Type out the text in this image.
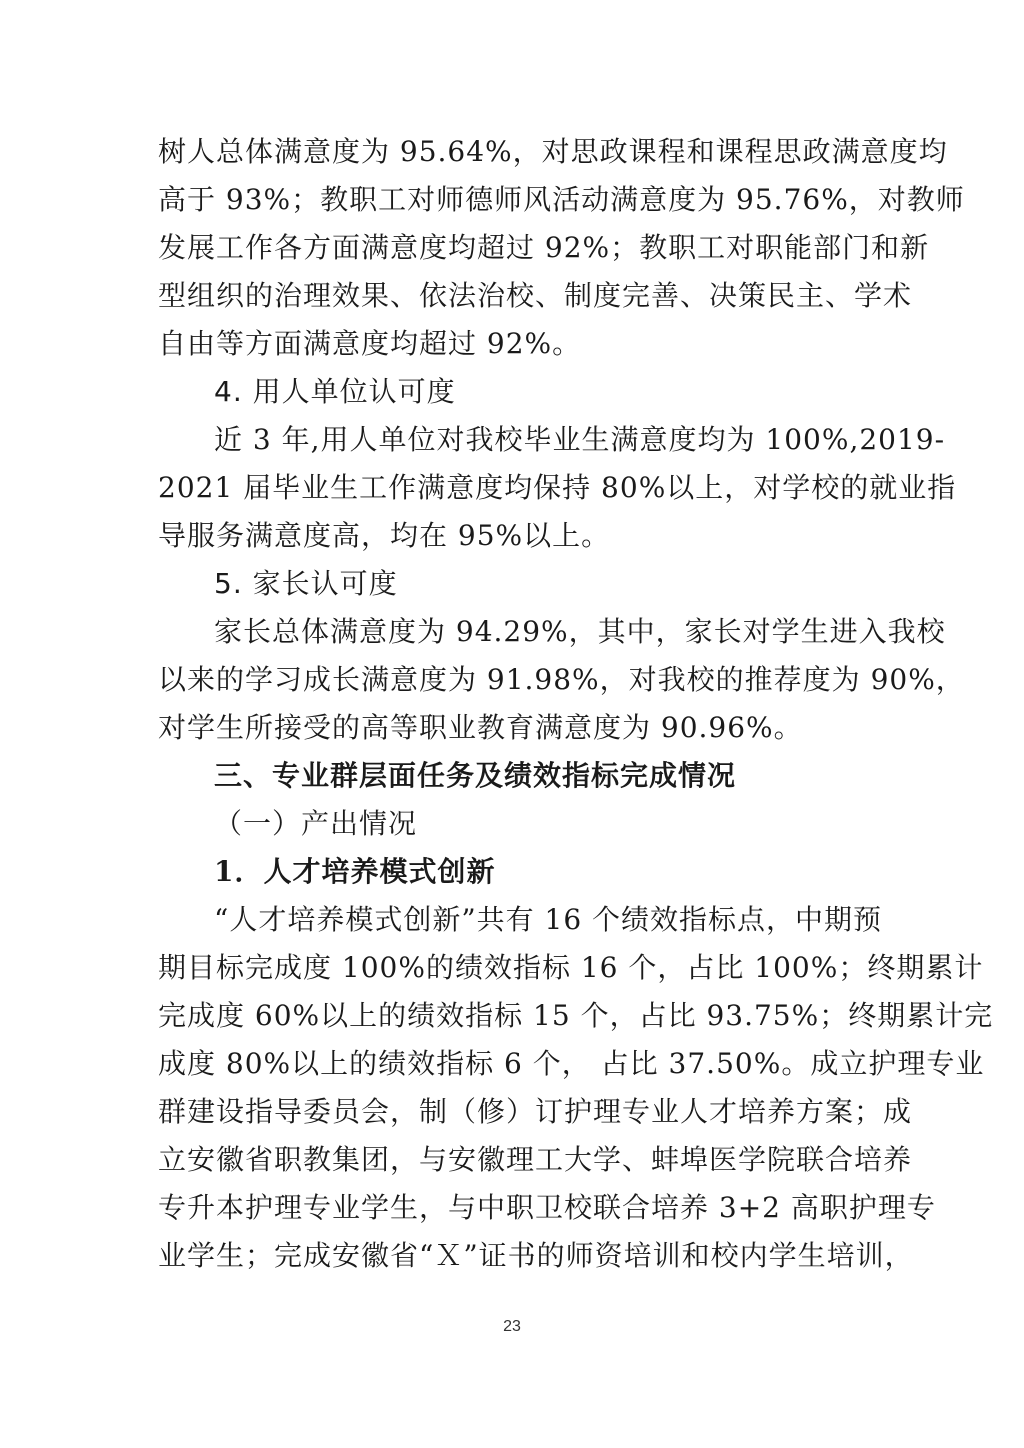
树人总体满意度为 95.64%，对思政课程和课程思政满意度均
高于 93%；教职工对师德师风活动满意度为 95.76%，对教师
发展工作各方面满意度均超过 92%；教职工对职能部门和新
型组织的治理效果、依法治校、制度完善、决策民主、学术
自由等方面满意度均超过 92%。
4. 用人单位认可度
近 3 年,用人单位对我校毕业生满意度均为 100%,2019-
2021 届毕业生工作满意度均保持 80%以上，对学校的就业指
导服务满意度高，均在 95%以上。
5. 家长认可度
家长总体满意度为 94.29%，其中，家长对学生进入我校
以来的学习成长满意度为 91.98%，对我校的推荐度为 90%，
对学生所接受的高等职业教育满意度为 90.96%。
三、专业群层面任务及绩效指标完成情况
（一）产出情况
1．人才培养模式创新
“人才培养模式创新”共有 16 个绩效指标点，中期预
期目标完成度 100%的绩效指标 16 个，占比 100%；终期累计
完成度 60%以上的绩效指标 15 个，占比 93.75%；终期累计完
成度 80%以上的绩效指标 6 个， 占比 37.50%。成立护理专业
群建设指导委员会，制（修）订护理专业人才培养方案；成
立安徽省职教集团，与安徽理工大学、蚌埠医学院联合培养
专升本护理专业学生，与中职卫校联合培养 3+2 高职护理专
业学生；完成安徽省“Ｘ”证书的师资培训和校内学生培训，
23
